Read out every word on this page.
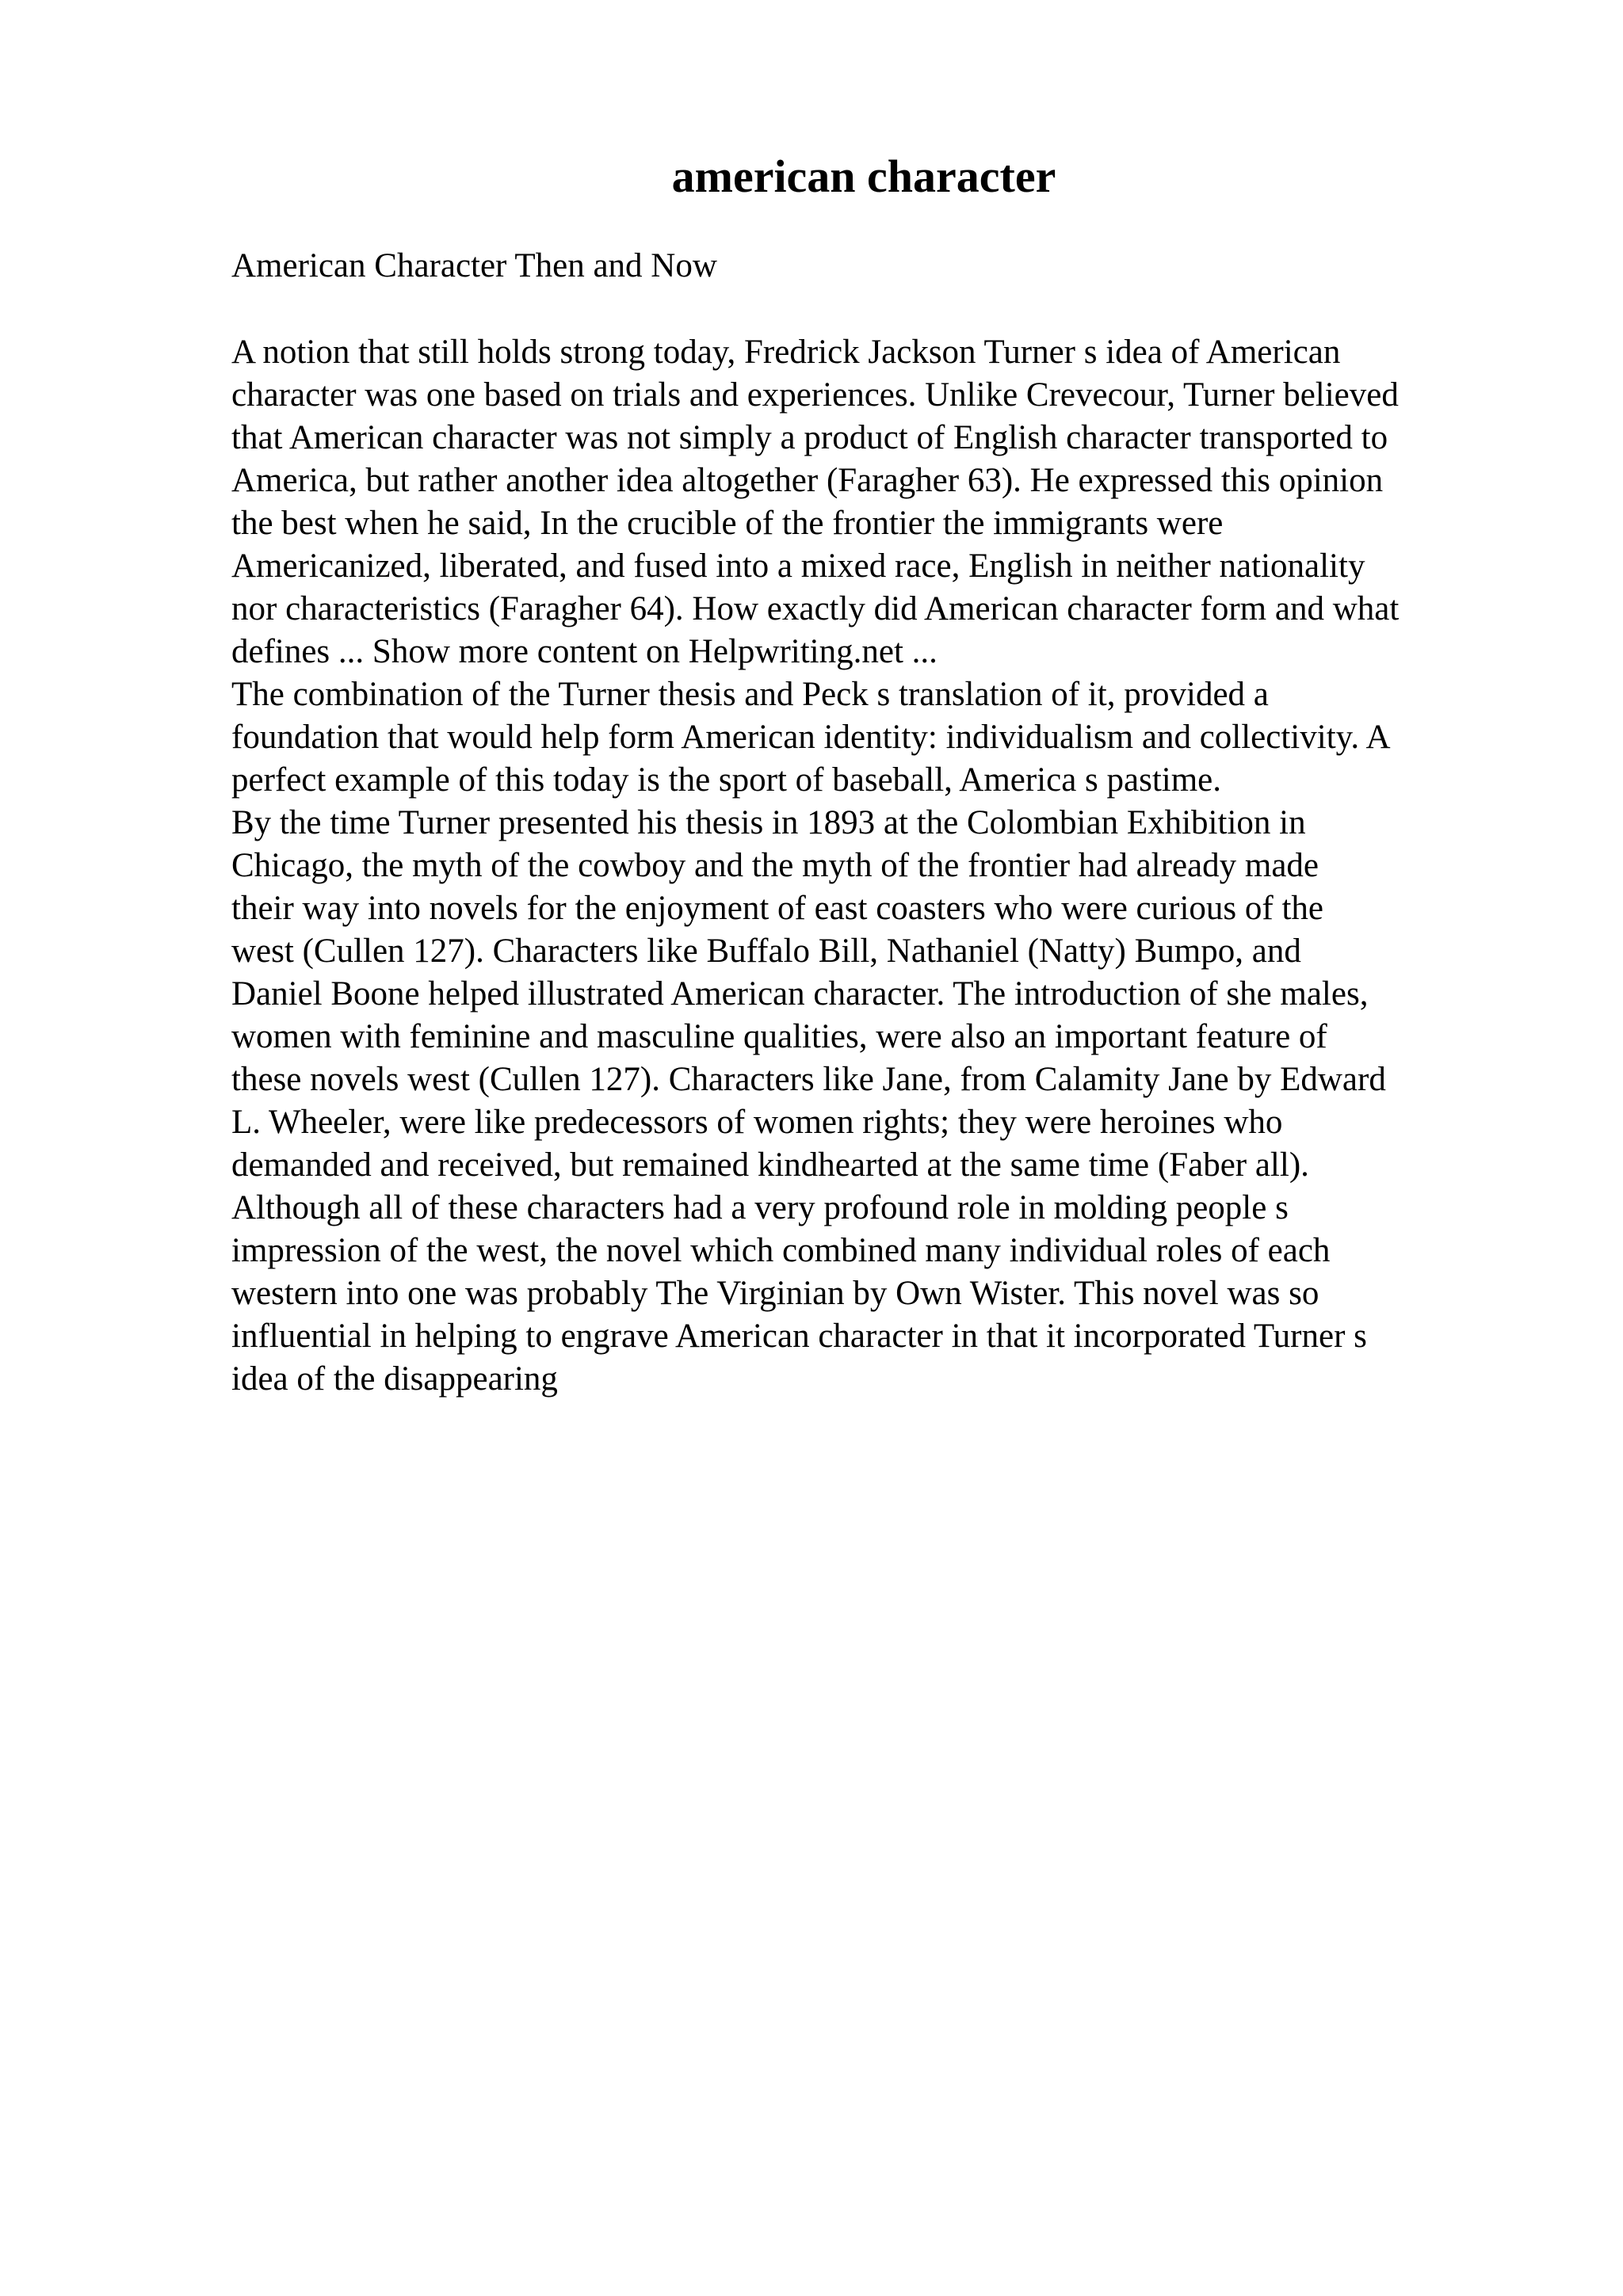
american character

American Character Then and Now

A notion that still holds strong today, Fredrick Jackson Turner s idea of American
character was one based on trials and experiences. Unlike Crevecour, Turner believed
that American character was not simply a product of English character transported to
America, but rather another idea altogether (Faragher 63). He expressed this opinion
the best when he said, In the crucible of the frontier the immigrants were
Americanized, liberated, and fused into a mixed race, English in neither nationality
nor characteristics (Faragher 64). How exactly did American character form and what
defines ... Show more content on Helpwriting.net ...
The combination of the Turner thesis and Peck s translation of it, provided a
foundation that would help form American identity: individualism and collectivity. A
perfect example of this today is the sport of baseball, America s pastime.
By the time Turner presented his thesis in 1893 at the Colombian Exhibition in
Chicago, the myth of the cowboy and the myth of the frontier had already made
their way into novels for the enjoyment of east coasters who were curious of the
west (Cullen 127). Characters like Buffalo Bill, Nathaniel (Natty) Bumpo, and
Daniel Boone helped illustrated American character. The introduction of she males,
women with feminine and masculine qualities, were also an important feature of
these novels west (Cullen 127). Characters like Jane, from Calamity Jane by Edward
L. Wheeler, were like predecessors of women rights; they were heroines who
demanded and received, but remained kindhearted at the same time (Faber all).
Although all of these characters had a very profound role in molding people s
impression of the west, the novel which combined many individual roles of each
western into one was probably The Virginian by Own Wister. This novel was so
influential in helping to engrave American character in that it incorporated Turner s
idea of the disappearing
